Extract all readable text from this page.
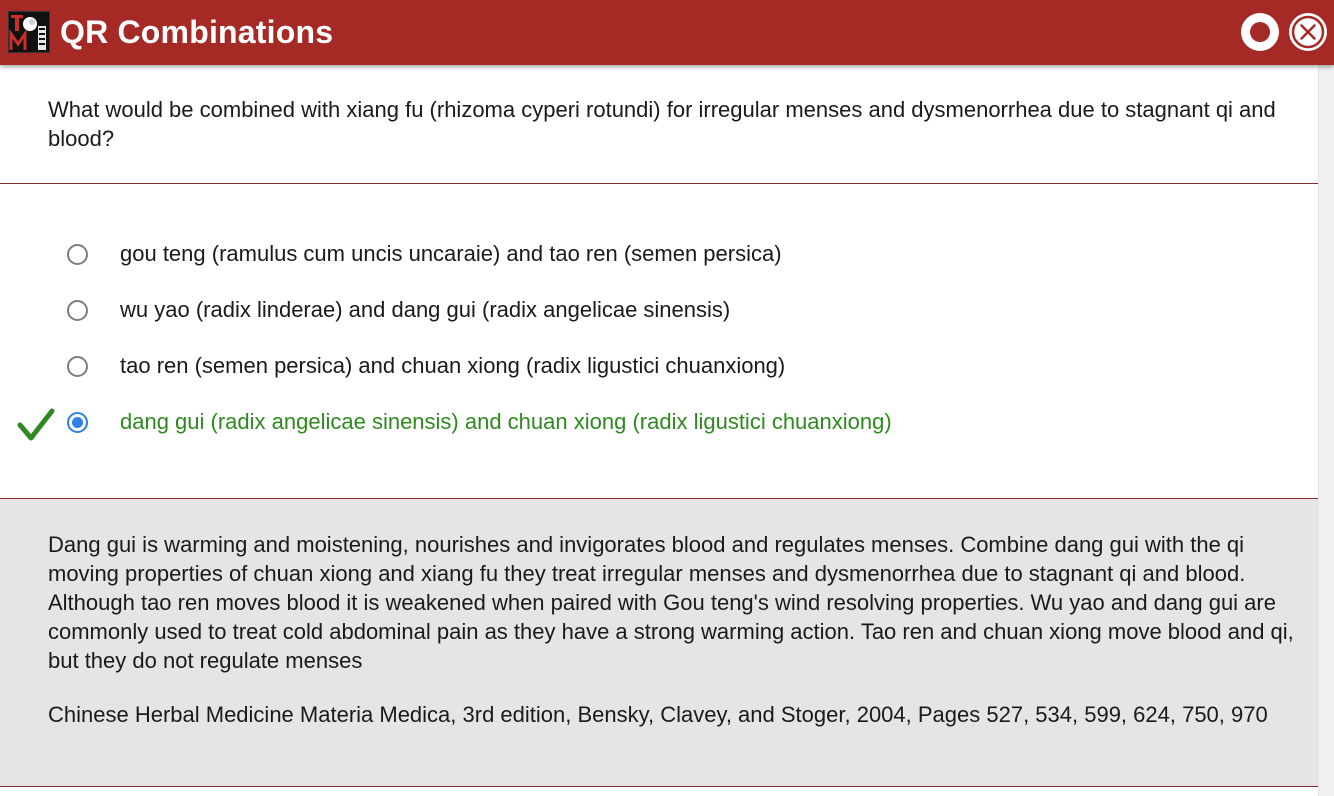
QR Combinations
What would be combined with xiang fu (rhizoma cyperi rotundi) for irregular menses and dysmenorrhea due to stagnant qi and blood?
gou teng (ramulus cum uncis uncaraie) and tao ren (semen persica)
wu yao (radix linderae) and dang gui (radix angelicae sinensis)
tao ren (semen persica) and chuan xiong (radix ligustici chuanxiong)
dang gui (radix angelicae sinensis) and chuan xiong (radix ligustici chuanxiong)
Dang gui is warming and moistening, nourishes and invigorates blood and regulates menses. Combine dang gui with the qi moving properties of chuan xiong and xiang fu they treat irregular menses and dysmenorrhea due to stagnant qi and blood. Although tao ren moves blood it is weakened when paired with Gou teng's wind resolving properties. Wu yao and dang gui are commonly used to treat cold abdominal pain as they have a strong warming action. Tao ren and chuan xiong move blood and qi, but they do not regulate menses
Chinese Herbal Medicine Materia Medica, 3rd edition, Bensky, Clavey, and Stoger, 2004, Pages 527, 534, 599, 624, 750, 970
